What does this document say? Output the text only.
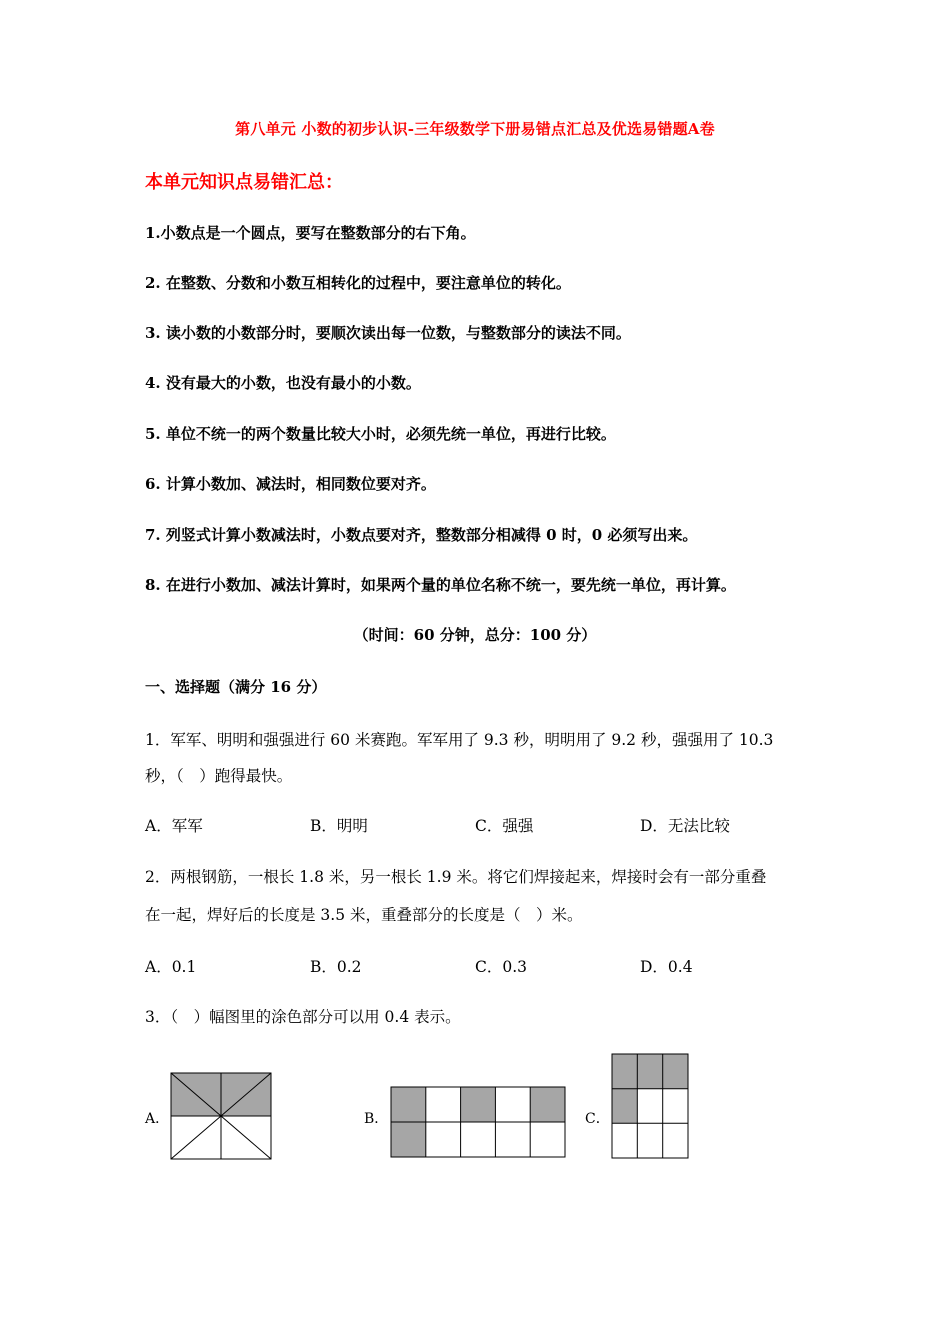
第八单元 小数的初步认识-三年级数学下册易错点汇总及优选易错题A卷
本单元知识点易错汇总：
1.小数点是一个圆点，要写在整数部分的右下角。
2. 在整数、分数和小数互相转化的过程中，要注意单位的转化。
3. 读小数的小数部分时，要顺次读出每一位数，与整数部分的读法不同。
4. 没有最大的小数，也没有最小的小数。
5. 单位不统一的两个数量比较大小时，必须先统一单位，再进行比较。
6. 计算小数加、减法时，相同数位要对齐。
7. 列竖式计算小数减法时，小数点要对齐，整数部分相减得 0 时，0 必须写出来。
8. 在进行小数加、减法计算时，如果两个量的单位名称不统一，要先统一单位，再计算。
（时间：60 分钟，总分：100 分）
一、选择题（满分 16 分）
1．军军、明明和强强进行 60 米赛跑。军军用了 9.3 秒，明明用了 9.2 秒，强强用了 10.3
秒，（　）跑得最快。
A．军军	B．明明	C．强强	D．无法比较
2．两根钢筋，一根长 1.8 米，另一根长 1.9 米。将它们焊接起来，焊接时会有一部分重叠
在一起，焊好后的长度是 3.5 米，重叠部分的长度是（　）米。
A．0.1	B．0.2	C．0.3	D．0.4
3．（　）幅图里的涂色部分可以用 0.4 表示。
A．	B．	C．
